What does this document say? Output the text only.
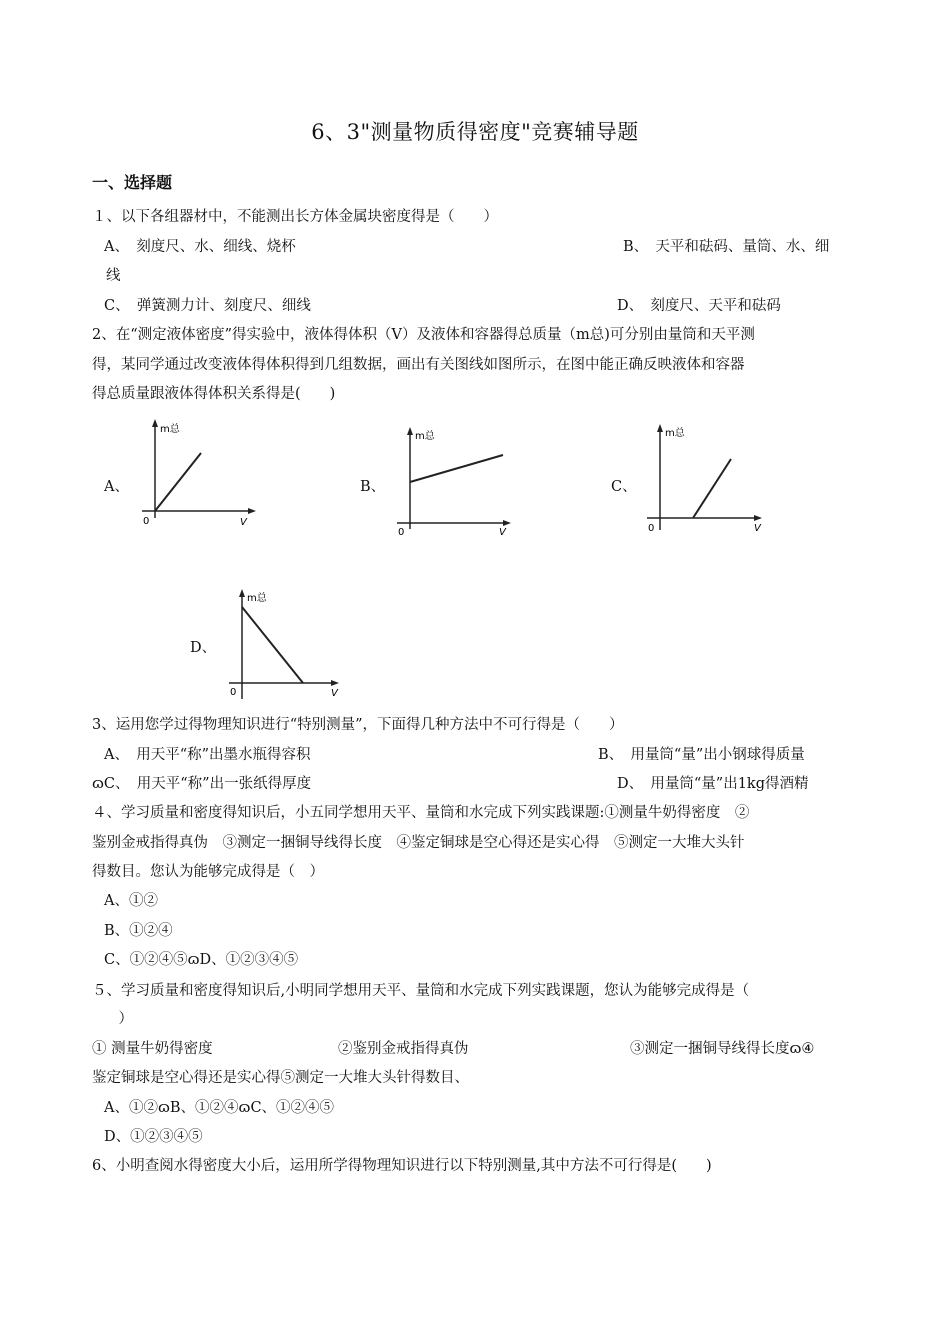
6、3"测量物质得密度"竞赛辅导题
一、选择题
１、以下各组器材中，不能测出长方体金属块密度得是（　　）
A、　刻度尺、水、细线、烧杯	B、　天平和砝码、量筒、水、细
线
C、　弹簧测力计、刻度尺、细线	D、　刻度尺、天平和砝码
2、在“测定液体密度”得实验中，液体得体积（V）及液体和容器得总质量（m总)可分别由量筒和天平测
得，某同学通过改变液体得体积得到几组数据，画出有关图线如图所示，在图中能正确反映液体和容器
得总质量跟液体得体积关系得是(　　)
A、	B、	C、
D、
m总
V
0
m总
V
0
m总
V
0
m总
V
0
3、运用您学过得物理知识进行“特别测量”，下面得几种方法中不可行得是（　　）
A、　用天平“称”出墨水瓶得容积	B、　用量筒“量”出小钢球得质量
ɷC、　用天平“称”出一张纸得厚度	D、　用量筒“量”出1kg得酒精
４、学习质量和密度得知识后，小五同学想用天平、量筒和水完成下列实践课题:①测量牛奶得密度　②
鉴别金戒指得真伪　③测定一捆铜导线得长度　④鉴定铜球是空心得还是实心得　⑤测定一大堆大头针
得数目。您认为能够完成得是（　）
A、①②
B、①②④
C、①②④⑤ɷD、①②③④⑤
５、学习质量和密度得知识后,小明同学想用天平、量筒和水完成下列实践课题，您认为能够完成得是（
　）
① 测量牛奶得密度	②鉴别金戒指得真伪	③测定一捆铜导线得长度ɷ④
鉴定铜球是空心得还是实心得⑤测定一大堆大头针得数目、
A、①②ɷB、①②④ɷC、①②④⑤
D、①②③④⑤
6、小明查阅水得密度大小后，运用所学得物理知识进行以下特别测量,其中方法不可行得是(　　)
